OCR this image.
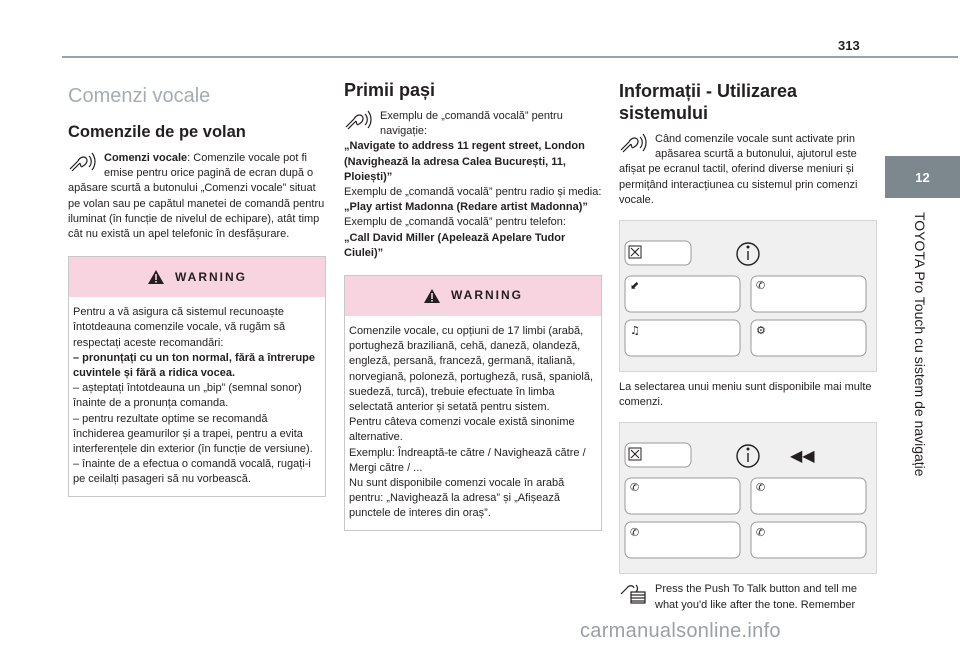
313
12
TOYOTA Pro Touch cu sistem de navigație
Comenzi vocale
Comenzile de pe volan
Comenzi vocale: Comenzile vocale pot fi emise pentru orice pagină de ecran după o apăsare scurtă a butonului „Comenzi vocale” situat pe volan sau pe capătul manetei de comandă pentru iluminat (în funcție de nivelul de echipare), atât timp cât nu există un apel telefonic în desfășurare.
WARNING

Pentru a vă asigura că sistemul recunoaște întotdeauna comenzile vocale, vă rugăm să respectați aceste recomandări:

– pronunțați cu un ton normal, fără a întrerupe cuvintele și fără a ridica vocea.

– așteptați întotdeauna un „bip” (semnal sonor) înainte de a pronunța comanda.

– pentru rezultate optime se recomandă închiderea geamurilor și a trapei, pentru a evita interferențele din exterior (în funcție de versiune).

– înainte de a efectua o comandă vocală, rugați-i pe ceilalți pasageri să nu vorbească.

Primii pași
Exemplu de „comandă vocală” pentru navigație:

„Navigate to address 11 regent street, London (Navighează la adresa Calea București, 11, Ploiești)”

Exemplu de „comandă vocală” pentru radio și media:

„Play artist Madonna (Redare artist Madonna)”

Exemplu de „comandă vocală” pentru telefon:

„Call David Miller (Apelează Apelare Tudor Ciulei)”

WARNING

Comenzile vocale, cu opțiuni de 17 limbi (arabă, portugheză braziliană, cehă, daneză, olandeză, engleză, persană, franceză, germană, italiană, norvegiană, poloneză, portugheză, rusă, spaniolă, suedeză, turcă), trebuie efectuate în limba selectată anterior și setată pentru sistem.

Pentru câteva comenzi vocale există sinonime alternative.

Exemplu: Îndreaptă-te către / Navighează către / Mergi către / ...

Nu sunt disponibile comenzi vocale în arabă pentru: „Navighează la adresa” și „Afișează punctele de interes din oraș”.

Informații - Utilizarea sistemului
Când comenzile vocale sunt activate prin apăsarea scurtă a butonului, ajutorul este afișat pe ecranul tactil, oferind diverse meniuri și permițând interacțiunea cu sistemul prin comenzi vocale.
⬋	✆
♫	⚙

La selectarea unui meniu sunt disponibile mai multe comenzi.

◀◀
✆	✆
✆	✆
Press the Push To Talk button and tell me what you'd like after the tone. Remember
carmanualsonline.info
